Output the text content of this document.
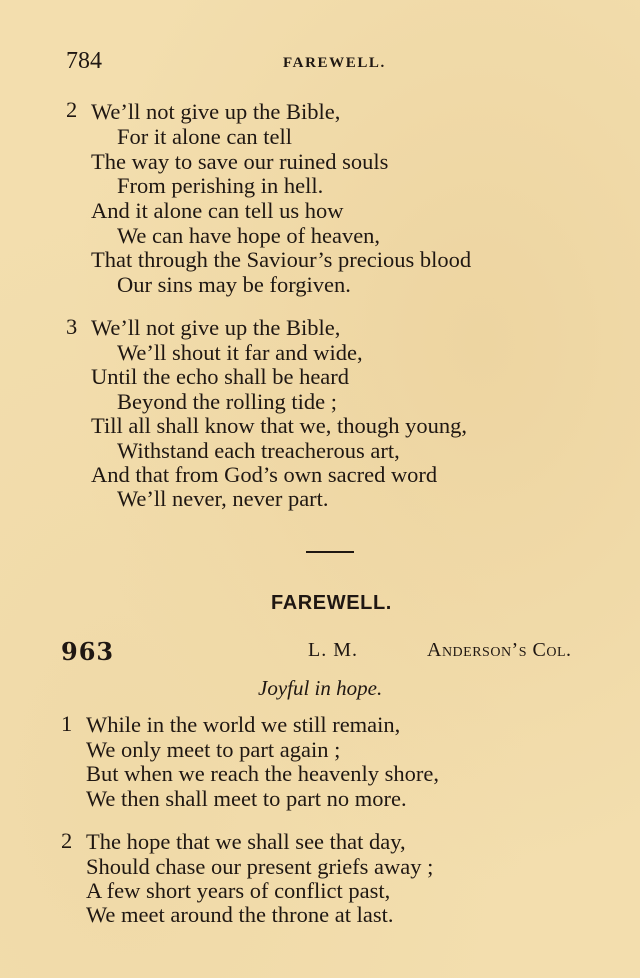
784	FAREWELL.
2 We’ll not give up the Bible,
For it alone can tell
The way to save our ruined souls
From perishing in hell.
And it alone can tell us how
We can have hope of heaven,
That through the Saviour’s precious blood
Our sins may be forgiven.
3 We’ll not give up the Bible,
We’ll shout it far and wide,
Until the echo shall be heard
Beyond the rolling tide ;
Till all shall know that we, though young,
Withstand each treacherous art,
And that from God’s own sacred word
We’ll never, never part.
FAREWELL.
963	L. M.	Anderson’s Col.
Joyful in hope.
1 While in the world we still remain,
We only meet to part again ;
But when we reach the heavenly shore,
We then shall meet to part no more.
2 The hope that we shall see that day,
Should chase our present griefs away ;
A few short years of conflict past,
We meet around the throne at last.
